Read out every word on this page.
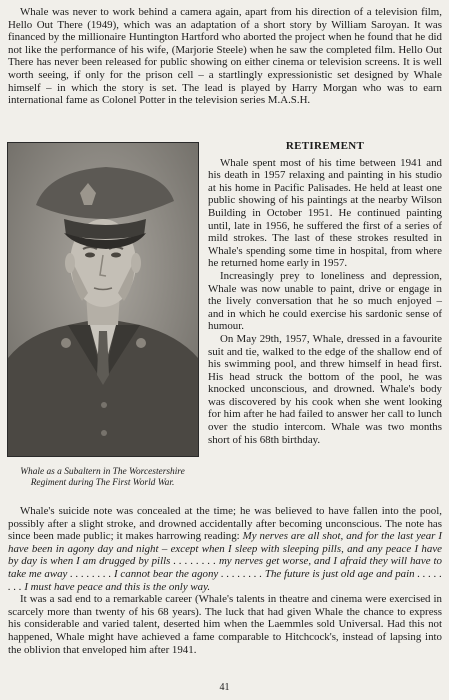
Whale was never to work behind a camera again, apart from his direction of a television film, Hello Out There (1949), which was an adaptation of a short story by William Saroyan. It was financed by the millionaire Huntington Hartford who aborted the project when he found that he did not like the performance of his wife, (Marjorie Steele) when he saw the completed film. Hello Out There has never been released for public showing on either cinema or television screens. It is well worth seeing, if only for the prison cell – a startlingly expressionistic set designed by Whale himself – in which the story is set. The lead is played by Harry Morgan who was to earn international fame as Colonel Potter in the television series M.A.S.H.

Whale as a Subaltern in The Worcestershire Regiment during The First World War.

RETIREMENT

Whale spent most of his time between 1941 and his death in 1957 relaxing and painting in his studio at his home in Pacific Palisades. He held at least one public showing of his paintings at the nearby Wilson Building in October 1951. He continued painting until, late in 1956, he suffered the first of a series of mild strokes. The last of these strokes resulted in Whale's spending some time in hospital, from where he returned home early in 1957.

Increasingly prey to loneliness and depression, Whale was now unable to paint, drive or engage in the lively conversation that he so much enjoyed – and in which he could exercise his sardonic sense of humour.

On May 29th, 1957, Whale, dressed in a favourite suit and tie, walked to the edge of the shallow end of his swimming pool, and threw himself in head first. His head struck the bottom of the pool, he was knocked unconscious, and drowned. Whale's body was discovered by his cook when she went looking for him after he had failed to answer her call to lunch over the studio intercom. Whale was two months short of his 68th birthday.

Whale's suicide note was concealed at the time; he was believed to have fallen into the pool, possibly after a slight stroke, and drowned accidentally after becoming unconscious. The note has since been made public; it makes harrowing reading: My nerves are all shot, and for the last year I have been in agony day and night – except when I sleep with sleeping pills, and any peace I have by day is when I am drugged by pills . . . . . . . . my nerves get worse, and I afraid they will have to take me away . . . . . . . . I cannot bear the agony . . . . . . . . The future is just old age and pain . . . . . . . . I must have peace and this is the only way.

It was a sad end to a remarkable career (Whale's talents in theatre and cinema were exercised in scarcely more than twenty of his 68 years). The luck that had given Whale the chance to express his considerable and varied talent, deserted him when the Laemmles sold Universal. Had this not happened, Whale might have achieved a fame comparable to Hitchcock's, instead of lapsing into the oblivion that enveloped him after 1941.

41
